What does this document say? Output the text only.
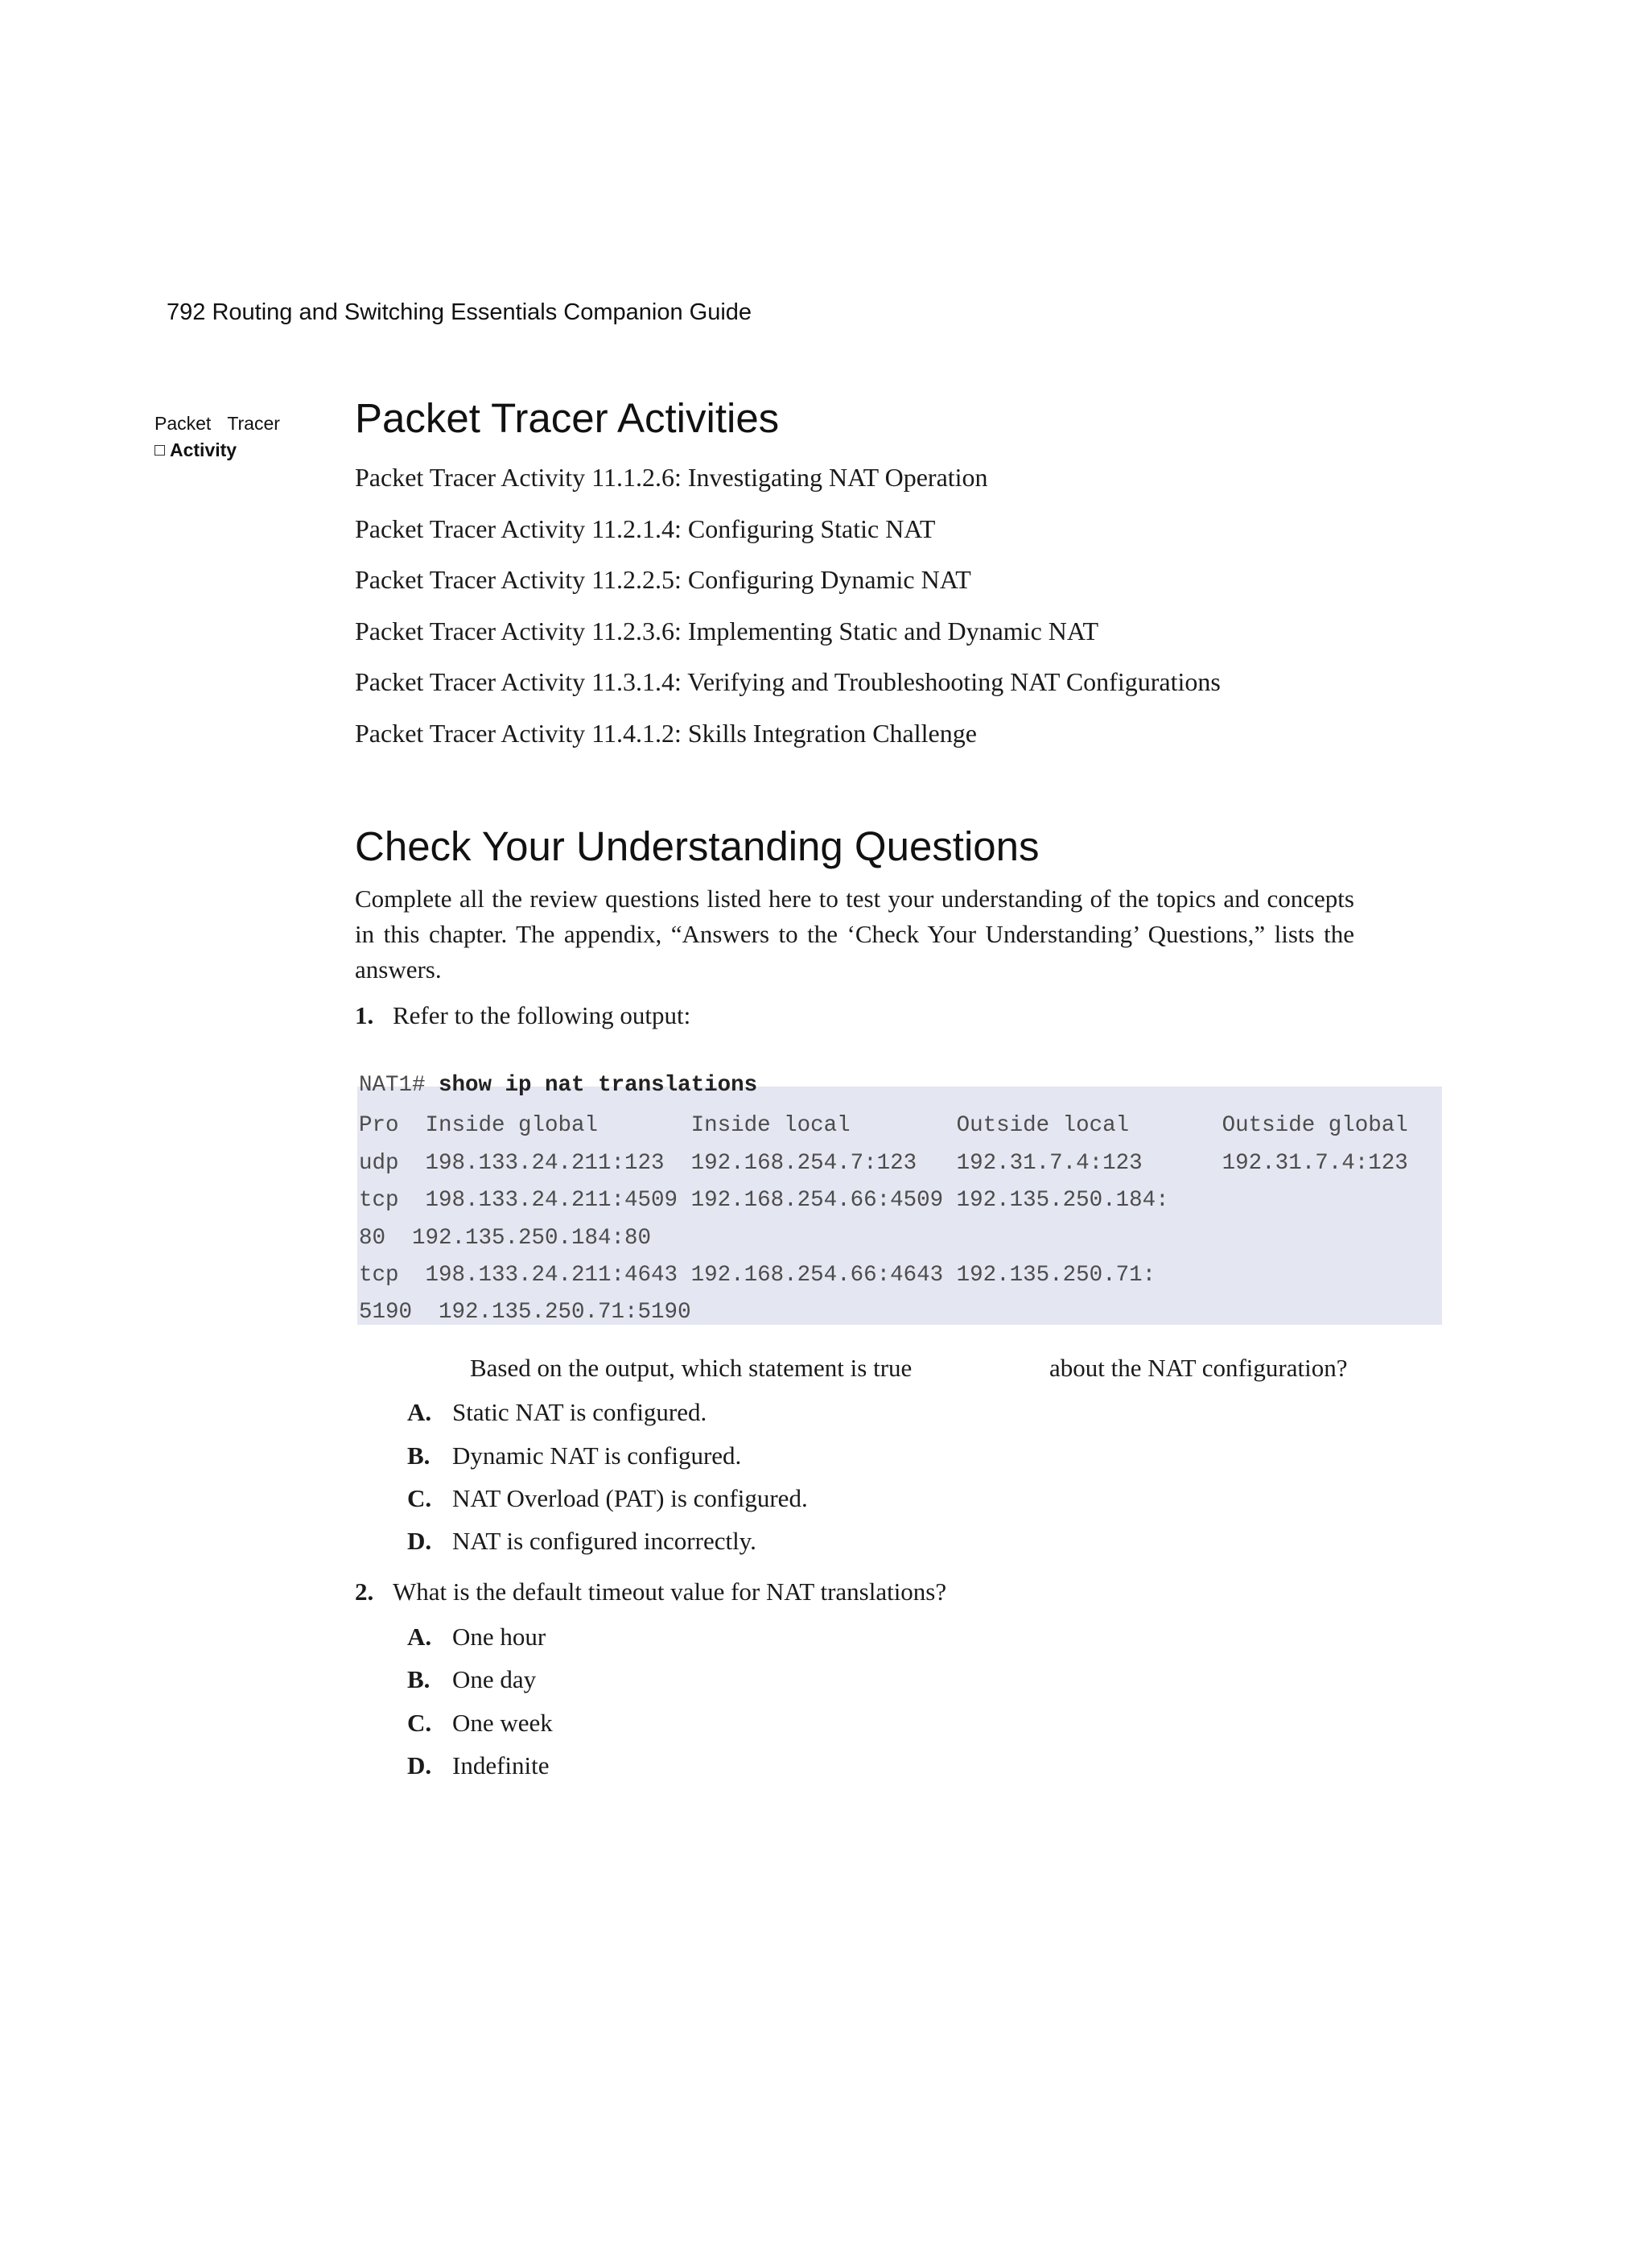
792 Routing and Switching Essentials Companion Guide
Packet Tracer
Activity
Packet Tracer Activities
Packet Tracer Activity 11.1.2.6: Investigating NAT Operation
Packet Tracer Activity 11.2.1.4: Configuring Static NAT
Packet Tracer Activity 11.2.2.5: Configuring Dynamic NAT
Packet Tracer Activity 11.2.3.6: Implementing Static and Dynamic NAT
Packet Tracer Activity 11.3.1.4: Verifying and Troubleshooting NAT Configurations
Packet Tracer Activity 11.4.1.2: Skills Integration Challenge
Check Your Understanding Questions

Complete all the review questions listed here to test your understanding of the topics and concepts in this chapter. The appendix, “Answers to the ‘Check Your Understanding’ Questions,” lists the answers.

1. Refer to the following output:
NAT1# show ip nat translations
Pro  Inside global       Inside local        Outside local       Outside global
udp  198.133.24.211:123  192.168.254.7:123   192.31.7.4:123      192.31.7.4:123
tcp  198.133.24.211:4509 192.168.254.66:4509 192.135.250.184:
80  192.135.250.184:80
tcp  198.133.24.211:4643 192.168.254.66:4643 192.135.250.71:
5190  192.135.250.71:5190
Based on the output, which statement is true	about the NAT configuration?
A. Static NAT is configured.
B. Dynamic NAT is configured.
C. NAT Overload (PAT) is configured.
D. NAT is configured incorrectly.
2. What is the default timeout value for NAT translations?
A. One hour
B. One day
C. One week
D. Indefinite
